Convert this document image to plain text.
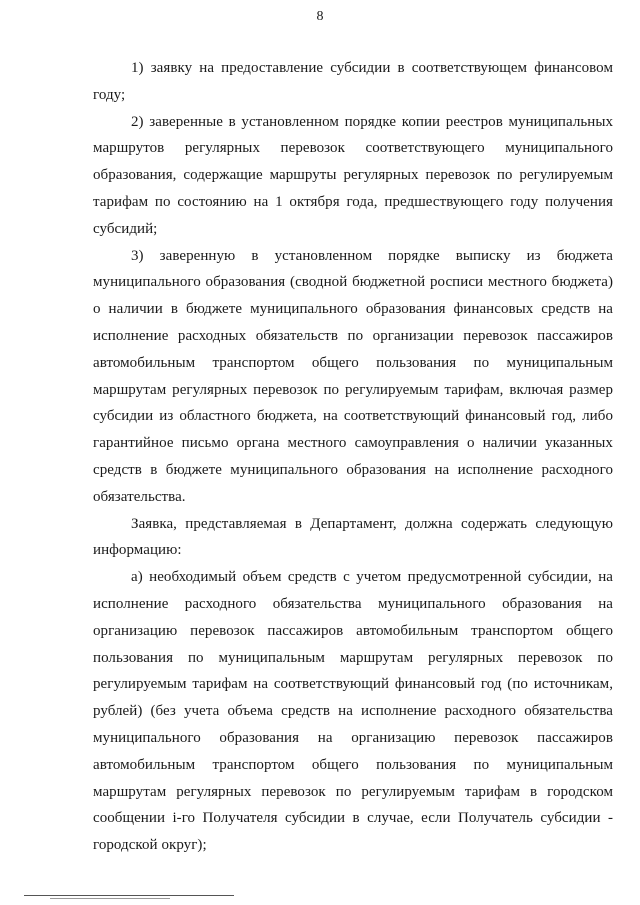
8

1) заявку на предоставление субсидии в соответствующем финансовом году;

2) заверенные в установленном порядке копии реестров муниципальных маршрутов регулярных перевозок соответствующего муниципального образования, содержащие маршруты регулярных перевозок по регулируемым тарифам по состоянию на 1 октября года, предшествующего году получения субсидий;

3) заверенную в установленном порядке выписку из бюджета муниципального образования (сводной бюджетной росписи местного бюджета) о наличии в бюджете муниципального образования финансовых средств на исполнение расходных обязательств по организации перевозок пассажиров автомобильным транспортом общего пользования по муниципальным маршрутам регулярных перевозок по регулируемым тарифам, включая размер субсидии из областного бюджета, на соответствующий финансовый год, либо гарантийное письмо органа местного самоуправления о наличии указанных средств в бюджете муниципального образования на исполнение расходного обязательства.

Заявка, представляемая в Департамент, должна содержать следующую информацию:

а) необходимый объем средств с учетом предусмотренной субсидии, на исполнение расходного обязательства муниципального образования на организацию перевозок пассажиров автомобильным транспортом общего пользования по муниципальным маршрутам регулярных перевозок по регулируемым тарифам на соответствующий финансовый год (по источникам, рублей) (без учета объема средств на исполнение расходного обязательства муниципального образования на организацию перевозок пассажиров автомобильным транспортом общего пользования по муниципальным маршрутам регулярных перевозок по регулируемым тарифам в городском сообщении i-го Получателя субсидии в случае, если Получатель субсидии - городской округ);
